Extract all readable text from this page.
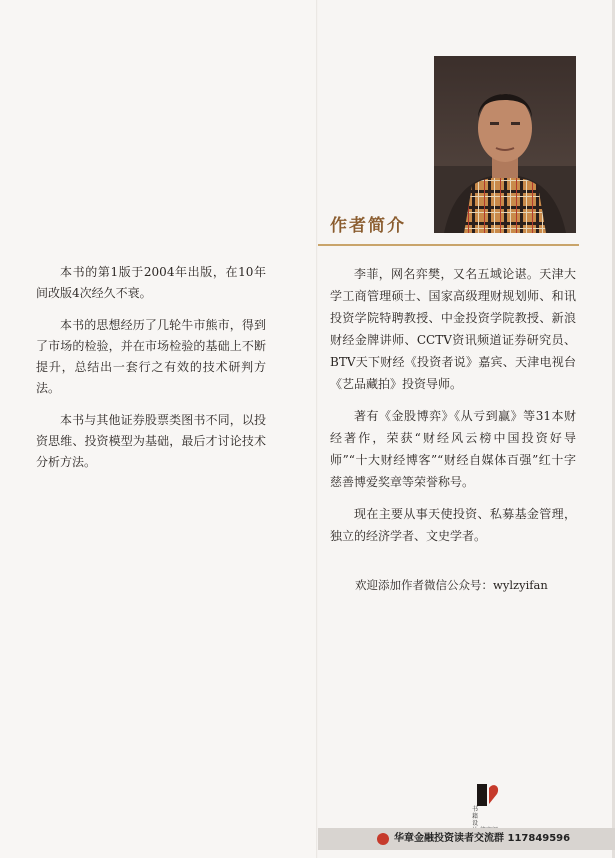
本书的第1版于2004年出版，在10年间改版4次经久不衰。

本书的思想经历了几轮牛市熊市，得到了市场的检验，并在市场检验的基础上不断提升，总结出一套行之有效的技术研判方法。

本书与其他证券股票类图书不同，以投资思维、投资模型为基础，最后才讨论技术分析方法。

作者简介

李菲，网名弈樊，又名五域论谌。天津大学工商管理硕士、国家高级理财规划师、和讯投资学院特聘教授、中金投资学院教授、新浪财经金牌讲师、CCTV资讯频道证券研究员、BTV天下财经《投资者说》嘉宾、天津电视台《艺品藏拍》投资导师。

著有《金股博弈》《从亏到赢》等31本财经著作，荣获“财经风云榜中国投资好导师”“十大财经博客”“财经自媒体百强”红十字慈善博爱奖章等荣誉称号。

现在主要从事天使投资、私募基金管理，独立的经济学者、文史学者。

欢迎添加作者微信公众号：wylzyifan
书
籍
设
华章金融投资读者交流群 117849596
